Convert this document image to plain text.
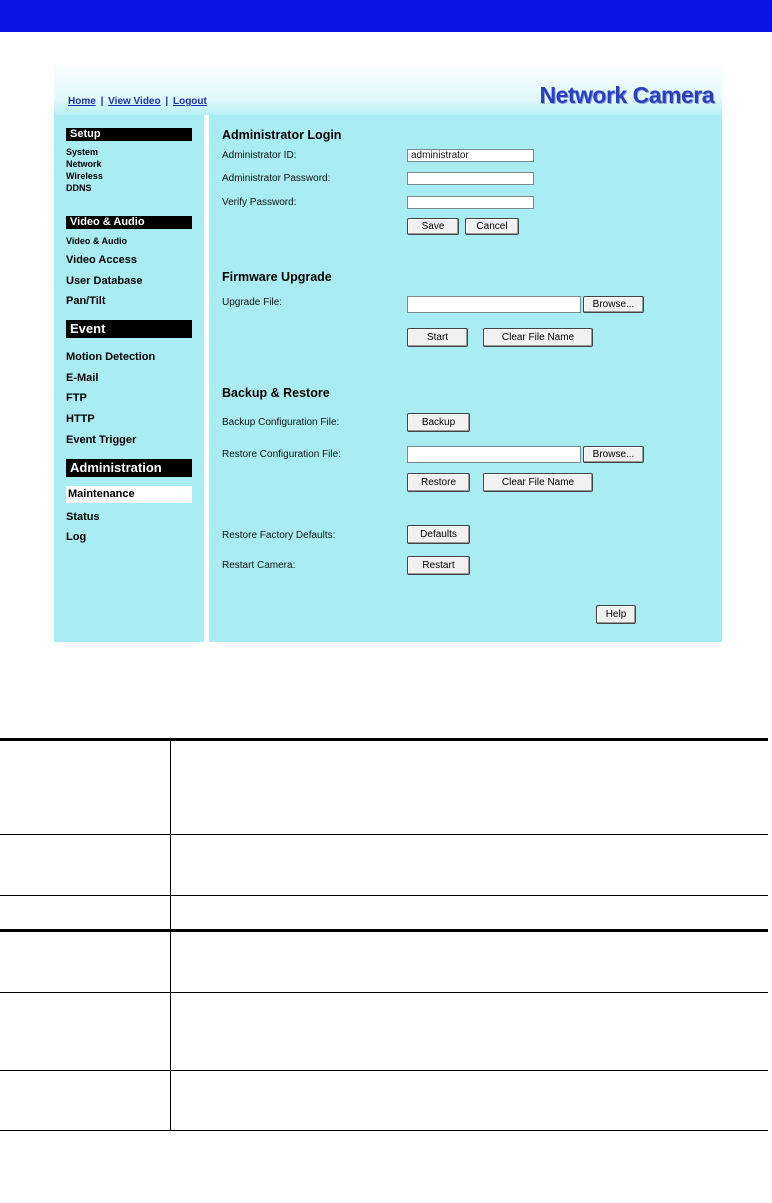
Home | View Video | Logout	Network Camera
Setup
System
Network
Wireless
DDNS
Video & Audio
Video & Audio
Video Access
User Database
Pan/Tilt
Event
Motion Detection
E-Mail
FTP
HTTP
Event Trigger
Administration
Maintenance
Status
Log
Administrator Login
Administrator ID:	administrator
Administrator Password:
Verify Password:
Save	Cancel
Firmware Upgrade
Upgrade File:	Browse...
Start	Clear File Name
Backup & Restore
Backup Configuration File:	Backup
Restore Configuration File:	Browse...
Restore	Clear File Name
Restore Factory Defaults:	Defaults
Restart Camera:	Restart
Help
